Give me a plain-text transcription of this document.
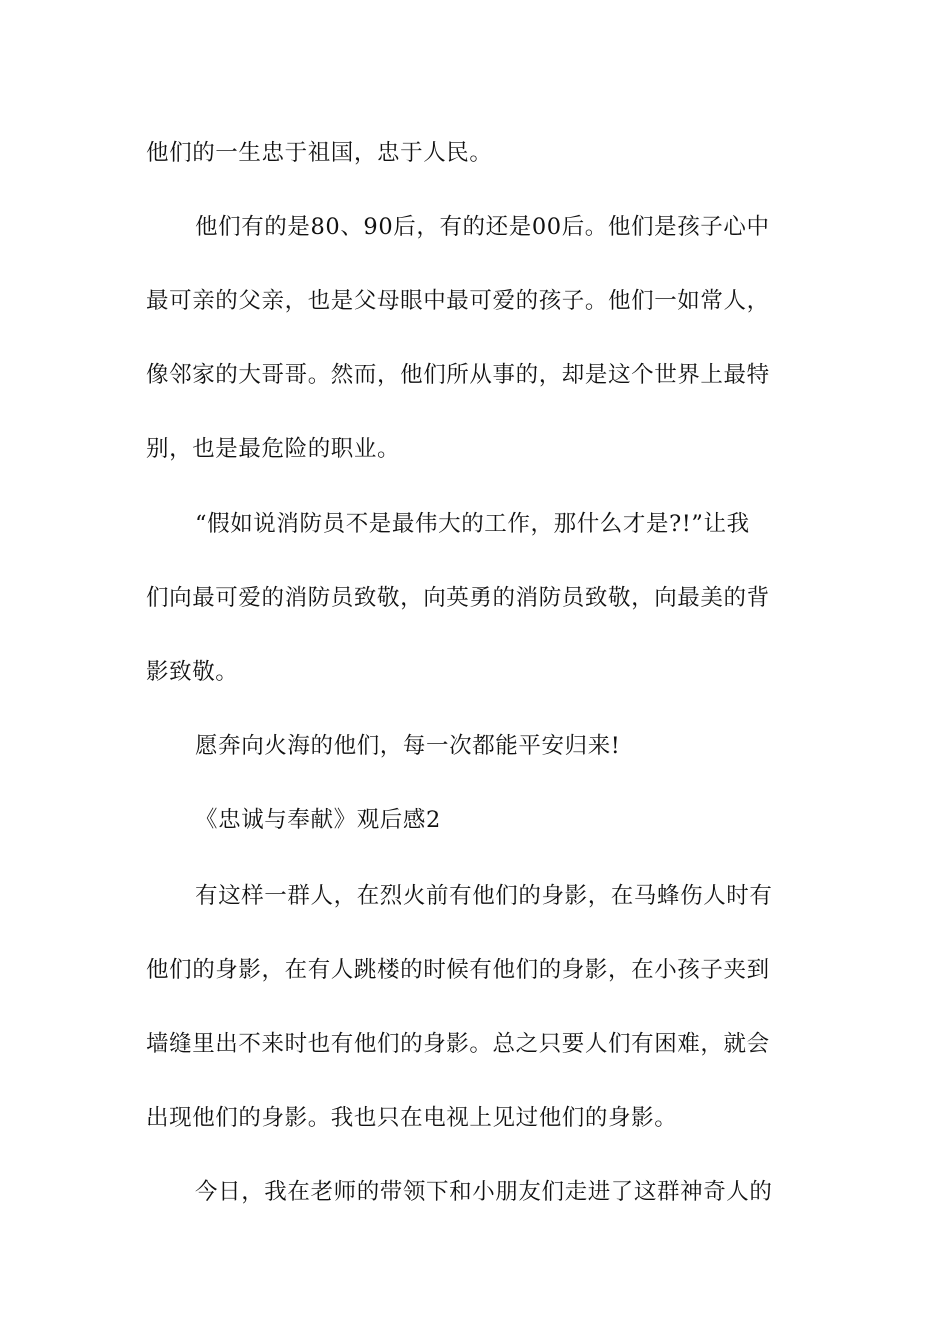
他们的一生忠于祖国，忠于人民。
他们有的是80、90后，有的还是00后。他们是孩子心中
最可亲的父亲，也是父母眼中最可爱的孩子。他们一如常人，
像邻家的大哥哥。然而，他们所从事的，却是这个世界上最特
别，也是最危险的职业。
“假如说消防员不是最伟大的工作，那什么才是?!”让我
们向最可爱的消防员致敬，向英勇的消防员致敬，向最美的背
影致敬。
愿奔向火海的他们，每一次都能平安归来!
《忠诚与奉献》观后感2
有这样一群人，在烈火前有他们的身影，在马蜂伤人时有
他们的身影，在有人跳楼的时候有他们的身影，在小孩子夹到
墙缝里出不来时也有他们的身影。总之只要人们有困难，就会
出现他们的身影。我也只在电视上见过他们的身影。
今日，我在老师的带领下和小朋友们走进了这群神奇人的
